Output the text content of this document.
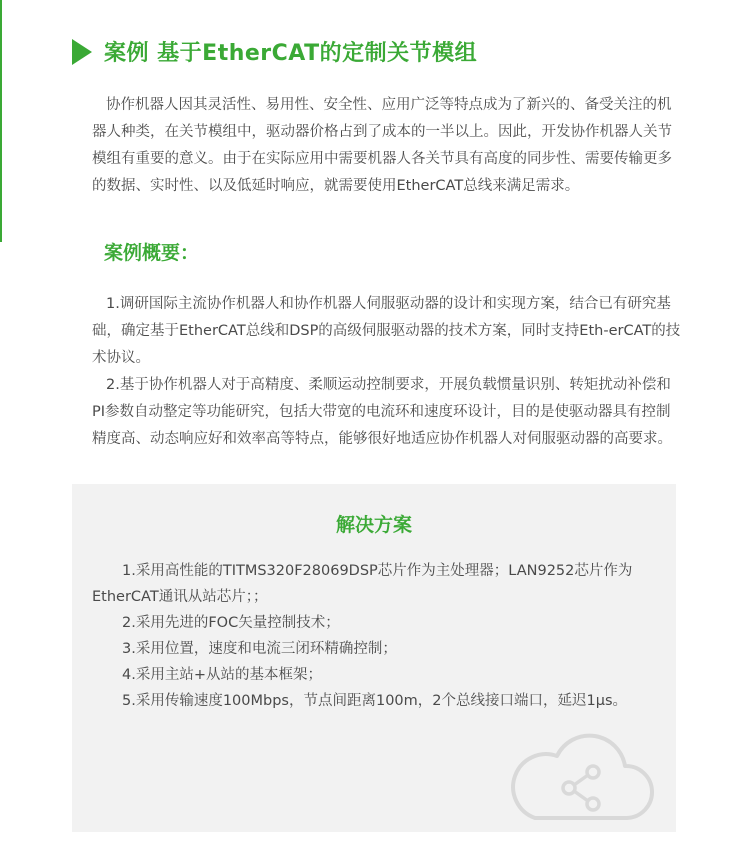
案例 基于EtherCAT的定制关节模组

协作机器人因其灵活性、易用性、安全性、应用广泛等特点成为了新兴的、备受关注的机器人种类，在关节模组中，驱动器价格占到了成本的一半以上。因此，开发协作机器人关节模组有重要的意义。由于在实际应用中需要机器人各关节具有高度的同步性、需要传输更多的数据、实时性、以及低延时响应，就需要使用EtherCAT总线来满足需求。

案例概要：

1.调研国际主流协作机器人和协作机器人伺服驱动器的设计和实现方案，结合已有研究基础，确定基于EtherCAT总线和DSP的高级伺服驱动器的技术方案，同时支持Eth-erCAT的技术协议。

2.基于协作机器人对于高精度、柔顺运动控制要求，开展负载惯量识别、转矩扰动补偿和PI参数自动整定等功能研究，包括大带宽的电流环和速度环设计，目的是使驱动器具有控制精度高、动态响应好和效率高等特点，能够很好地适应协作机器人对伺服驱动器的高要求。

解决方案

1.采用高性能的TITMS320F28069DSP芯片作为主处理器；LAN9252芯片作为EtherCAT通讯从站芯片；；

2.采用先进的FOC矢量控制技术；

3.采用位置，速度和电流三闭环精确控制；

4.采用主站+从站的基本框架；

5.采用传输速度100Mbps，节点间距离100m，2个总线接口端口，延迟1μs。
